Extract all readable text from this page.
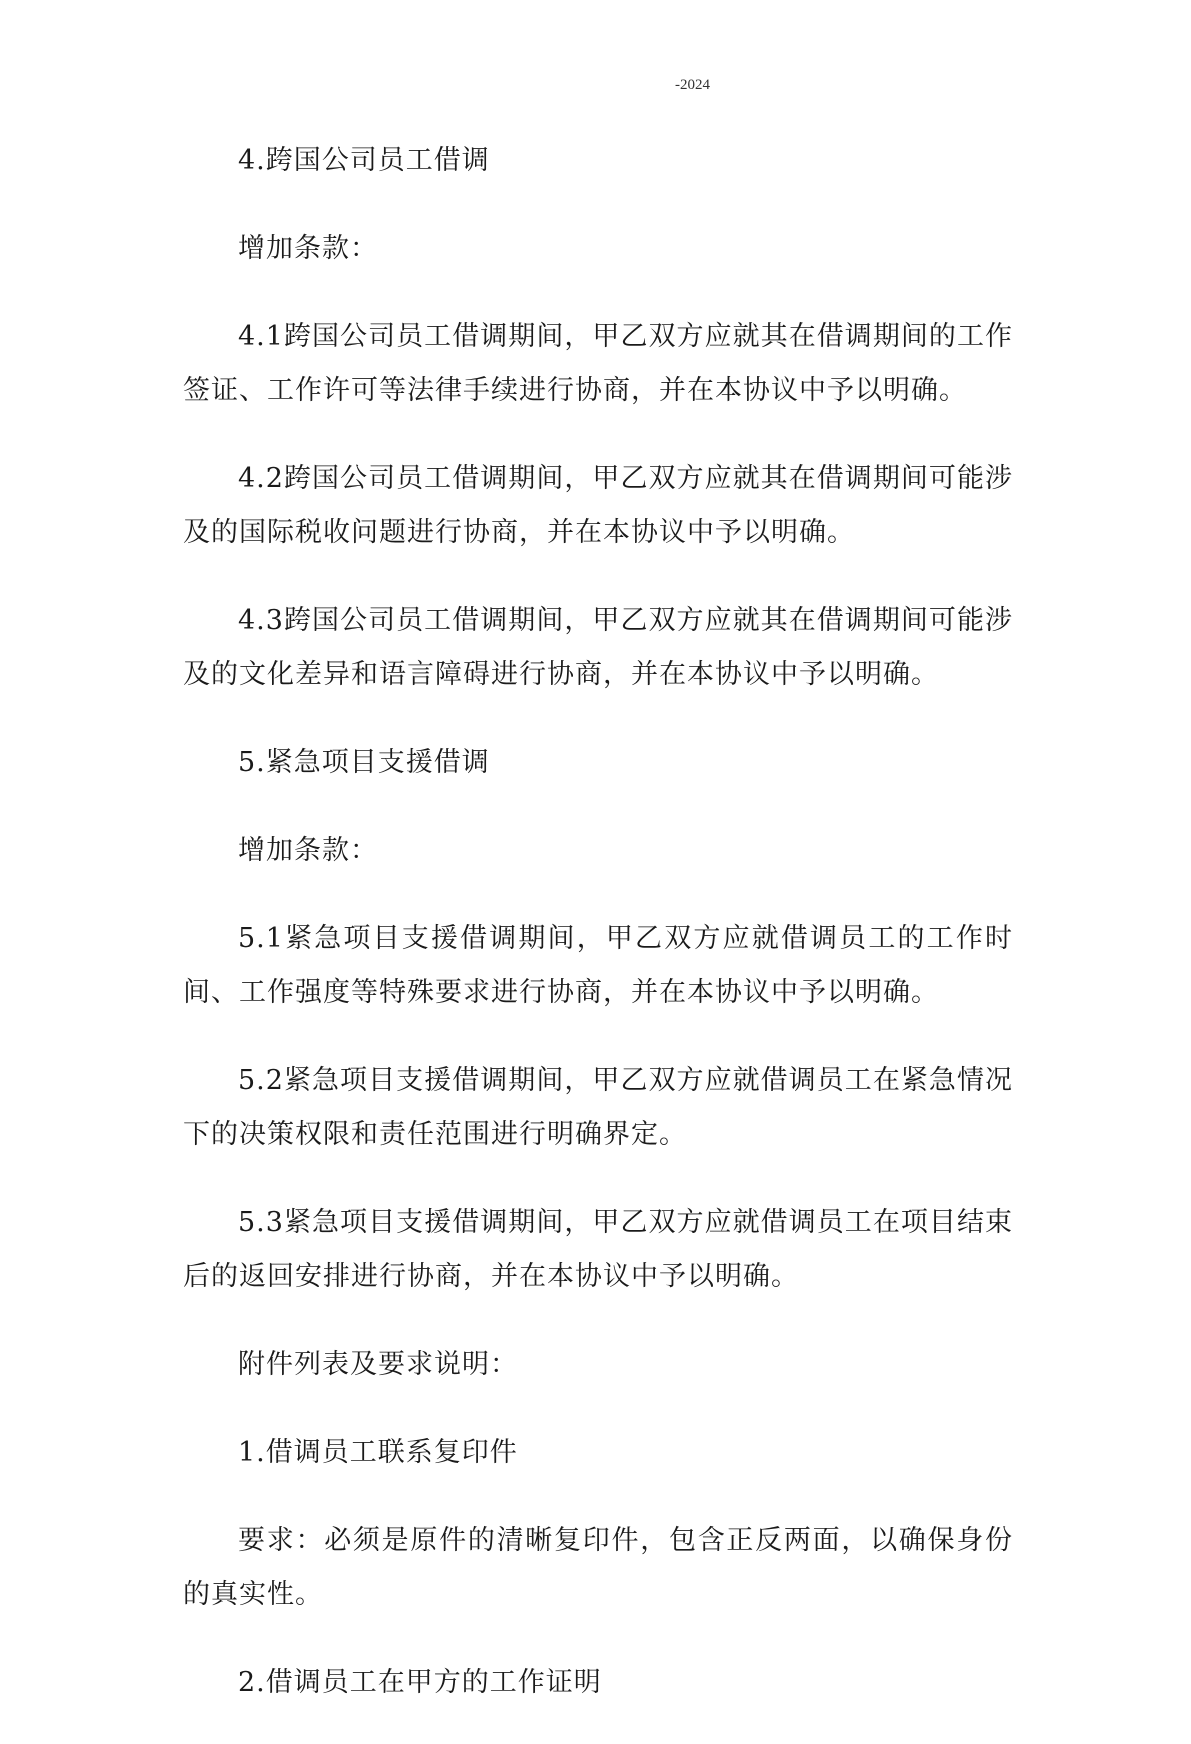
-2024

4.跨国公司员工借调

增加条款：

4.1跨国公司员工借调期间，甲乙双方应就其在借调期间的工作签证、工作许可等法律手续进行协商，并在本协议中予以明确。

4.2跨国公司员工借调期间，甲乙双方应就其在借调期间可能涉及的国际税收问题进行协商，并在本协议中予以明确。

4.3跨国公司员工借调期间，甲乙双方应就其在借调期间可能涉及的文化差异和语言障碍进行协商，并在本协议中予以明确。

5.紧急项目支援借调

增加条款：

5.1紧急项目支援借调期间，甲乙双方应就借调员工的工作时间、工作强度等特殊要求进行协商，并在本协议中予以明确。

5.2紧急项目支援借调期间，甲乙双方应就借调员工在紧急情况下的决策权限和责任范围进行明确界定。

5.3紧急项目支援借调期间，甲乙双方应就借调员工在项目结束后的返回安排进行协商，并在本协议中予以明确。

附件列表及要求说明：

1.借调员工联系复印件

要求：必须是原件的清晰复印件，包含正反两面，以确保身份的真实性。

2.借调员工在甲方的工作证明
